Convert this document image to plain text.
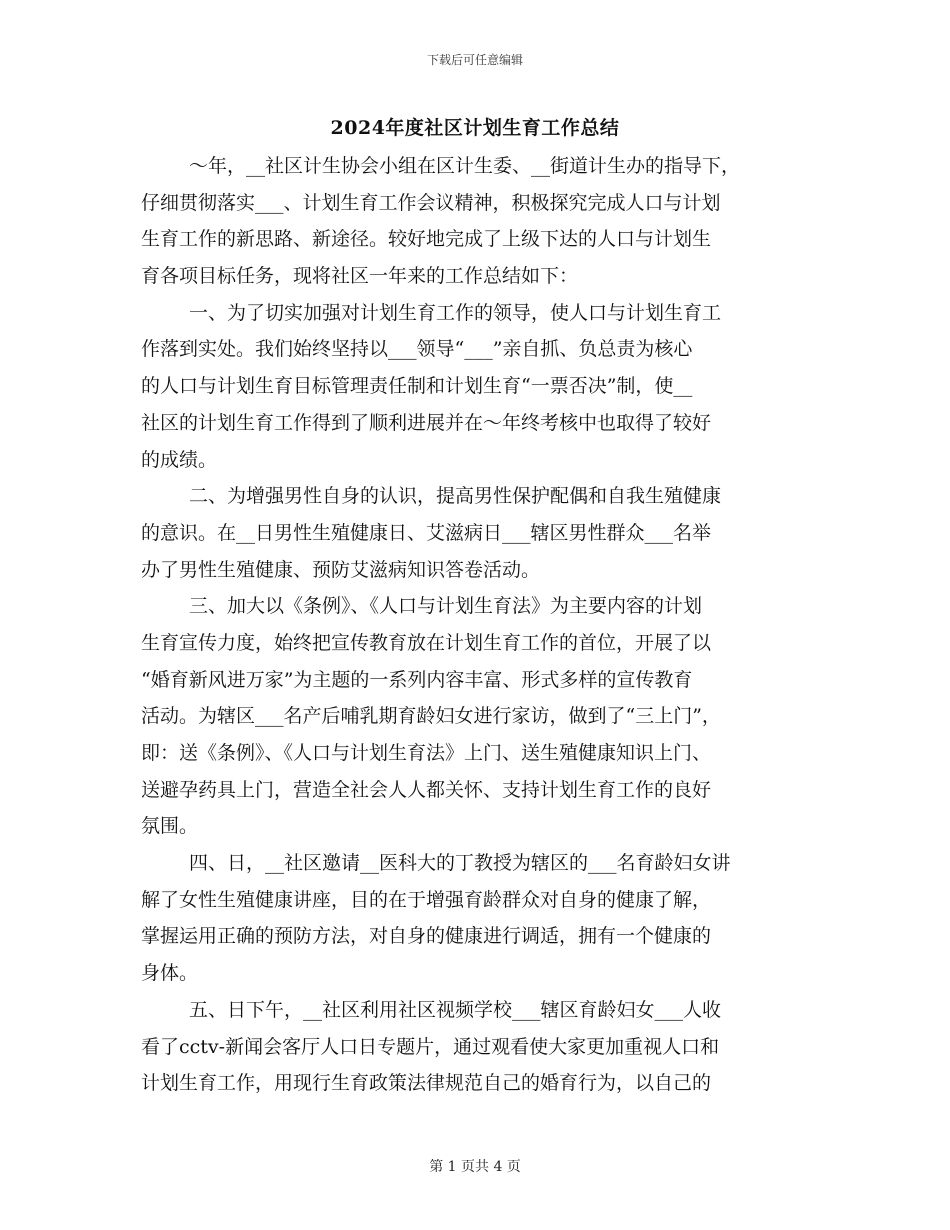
下载后可任意编辑
2024年度社区计划生育工作总结
～年，__社区计生协会小组在区计生委、__街道计生办的指导下，
仔细贯彻落实___、计划生育工作会议精神，积极探究完成人口与计划
生育工作的新思路、新途径。较好地完成了上级下达的人口与计划生
育各项目标任务，现将社区一年来的工作总结如下：
一、为了切实加强对计划生育工作的领导，使人口与计划生育工
作落到实处。我们始终坚持以___领导“___”亲自抓、负总责为核心
的人口与计划生育目标管理责任制和计划生育“一票否决”制，使__
社区的计划生育工作得到了顺利进展并在～年终考核中也取得了较好
的成绩。
二、为增强男性自身的认识，提高男性保护配偶和自我生殖健康
的意识。在__日男性生殖健康日、艾滋病日___辖区男性群众___名举
办了男性生殖健康、预防艾滋病知识答卷活动。
三、加大以《条例》、《人口与计划生育法》为主要内容的计划
生育宣传力度，始终把宣传教育放在计划生育工作的首位，开展了以
“婚育新风进万家”为主题的一系列内容丰富、形式多样的宣传教育
活动。为辖区___名产后哺乳期育龄妇女进行家访，做到了“三上门”，
即：送《条例》、《人口与计划生育法》上门、送生殖健康知识上门、
送避孕药具上门，营造全社会人人都关怀、支持计划生育工作的良好
氛围。
四、日，__社区邀请__医科大的丁教授为辖区的___名育龄妇女讲
解了女性生殖健康讲座，目的在于增强育龄群众对自身的健康了解，
掌握运用正确的预防方法，对自身的健康进行调适，拥有一个健康的
身体。
五、日下午，__社区利用社区视频学校___辖区育龄妇女___人收
看了cctv-新闻会客厅人口日专题片，通过观看使大家更加重视人口和
计划生育工作，用现行生育政策法律规范自己的婚育行为，以自己的
第 1 页共 4 页
